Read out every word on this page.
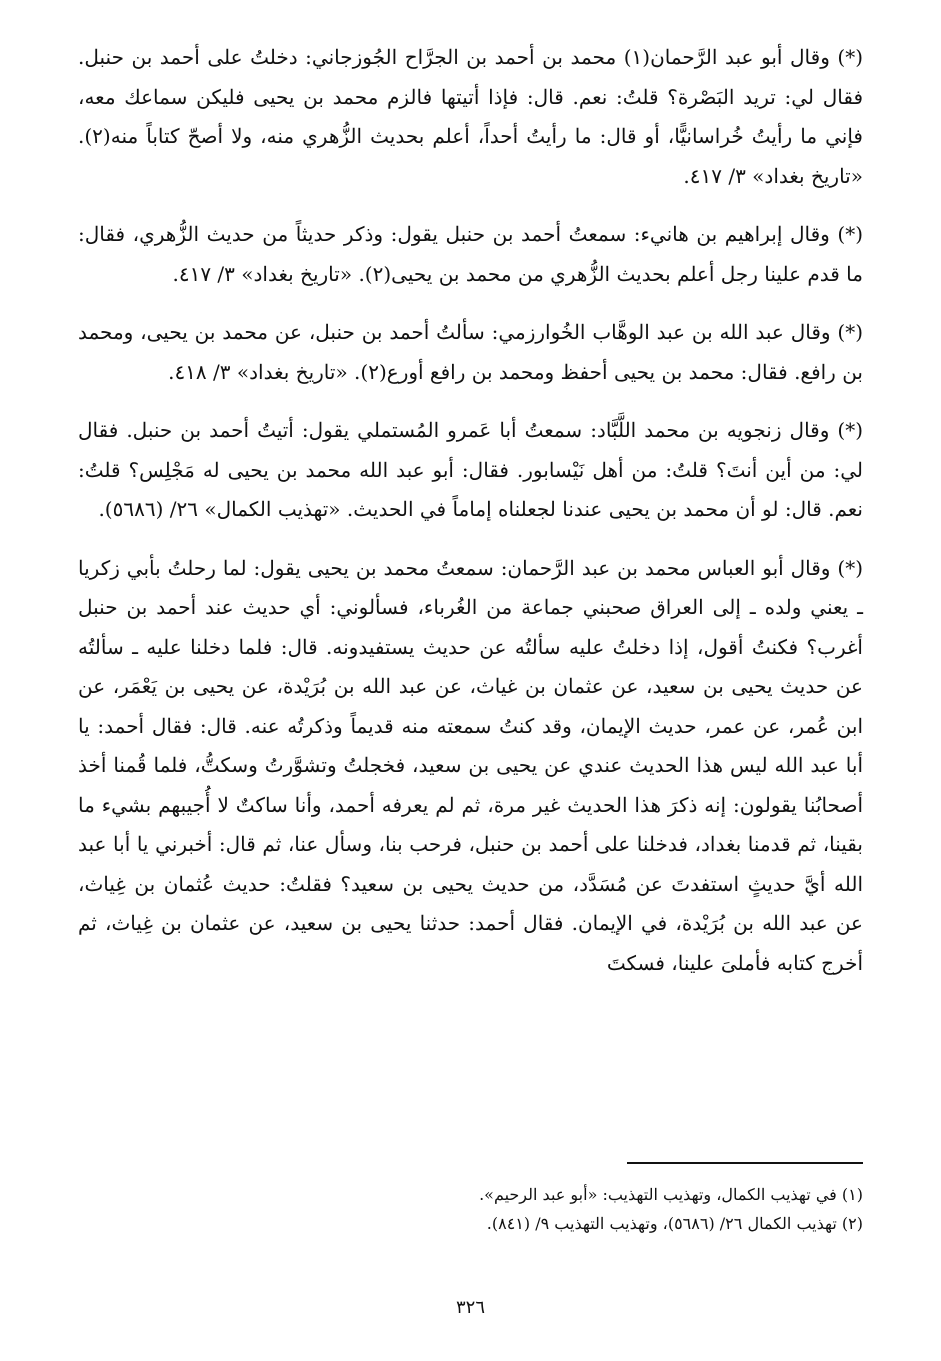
(*) وقال أبو عبد الرَّحمان(١) محمد بن أحمد بن الجرَّاح الجُوزجاني: دخلتُ على أحمد بن حنبل. فقال لي: تريد البَصْرة؟ قلتُ: نعم. قال: فإذا أتيتها فالزم محمد بن يحيى فليكن سماعك معه، فإني ما رأيتُ خُراسانيًّا، أو قال: ما رأيتُ أحداً، أعلم بحديث الزُّهري منه، ولا أصحّ كتاباً منه(٢). «تاريخ بغداد» ٣/ ٤١٧.

(*) وقال إبراهيم بن هانيء: سمعتُ أحمد بن حنبل يقول: وذكر حديثاً من حديث الزُّهري، فقال: ما قدم علينا رجل أعلم بحديث الزُّهري من محمد بن يحيى(٢). «تاريخ بغداد» ٣/ ٤١٧.

(*) وقال عبد الله بن عبد الوهَّاب الخُوارزمي: سألتُ أحمد بن حنبل، عن محمد بن يحيى، ومحمد بن رافع. فقال: محمد بن يحيى أحفظ ومحمد بن رافع أورع(٢). «تاريخ بغداد» ٣/ ٤١٨.

(*) وقال زنجويه بن محمد اللَّبَّاد: سمعتُ أبا عَمرو المُستملي يقول: أتيتُ أحمد بن حنبل. فقال لي: من أين أنتَ؟ قلتُ: من أهل نَيْسابور. فقال: أبو عبد الله محمد بن يحيى له مَجْلِس؟ قلتُ: نعم. قال: لو أن محمد بن يحيى عندنا لجعلناه إماماً في الحديث. «تهذيب الكمال» ٢٦/ (٥٦٨٦).

(*) وقال أبو العباس محمد بن عبد الرَّحمان: سمعتُ محمد بن يحيى يقول: لما رحلتُ بأبي زكريا ـ يعني ولده ـ إلى العراق صحبني جماعة من الغُرباء، فسألوني: أي حديث عند أحمد بن حنبل أغرب؟ فكنتُ أقول، إذا دخلتُ عليه سألتُه عن حديث يستفيدونه. قال: فلما دخلنا عليه ـ سألتُه عن حديث يحيى بن سعيد، عن عثمان بن غياث، عن عبد الله بن بُرَيْدة، عن يحيى بن يَعْمَر، عن ابن عُمر، عن عمر، حديث الإيمان، وقد كنتُ سمعته منه قديماً وذكرتُه عنه. قال: فقال أحمد: يا أبا عبد الله ليس هذا الحديث عندي عن يحيى بن سعيد، فخجلتُ وتشوَّرتُ وسكتُّ، فلما قُمنا أخذ أصحابُنا يقولون: إنه ذكرَ هذا الحديث غير مرة، ثم لم يعرفه أحمد، وأنا ساكتٌ لا أُجيبهم بشيء ما بقينا، ثم قدمنا بغداد، فدخلنا على أحمد بن حنبل، فرحب بنا، وسأل عنا، ثم قال: أخبرني يا أبا عبد الله أيَّ حديثٍ استفدتَ عن مُسَدَّد، من حديث يحيى بن سعيد؟ فقلتُ: حديث عُثمان بن غِياث، عن عبد الله بن بُرَيْدة، في الإيمان. فقال أحمد: حدثنا يحيى بن سعيد، عن عثمان بن غِياث، ثم أخرج كتابه فأملىَ علينا، فسكتَ

(١) في تهذيب الكمال، وتهذيب التهذيب: «أبو عبد الرحيم».

(٢) تهذيب الكمال ٢٦/ (٥٦٨٦)، وتهذيب التهذيب ٩/ (٨٤١).

٣٢٦
